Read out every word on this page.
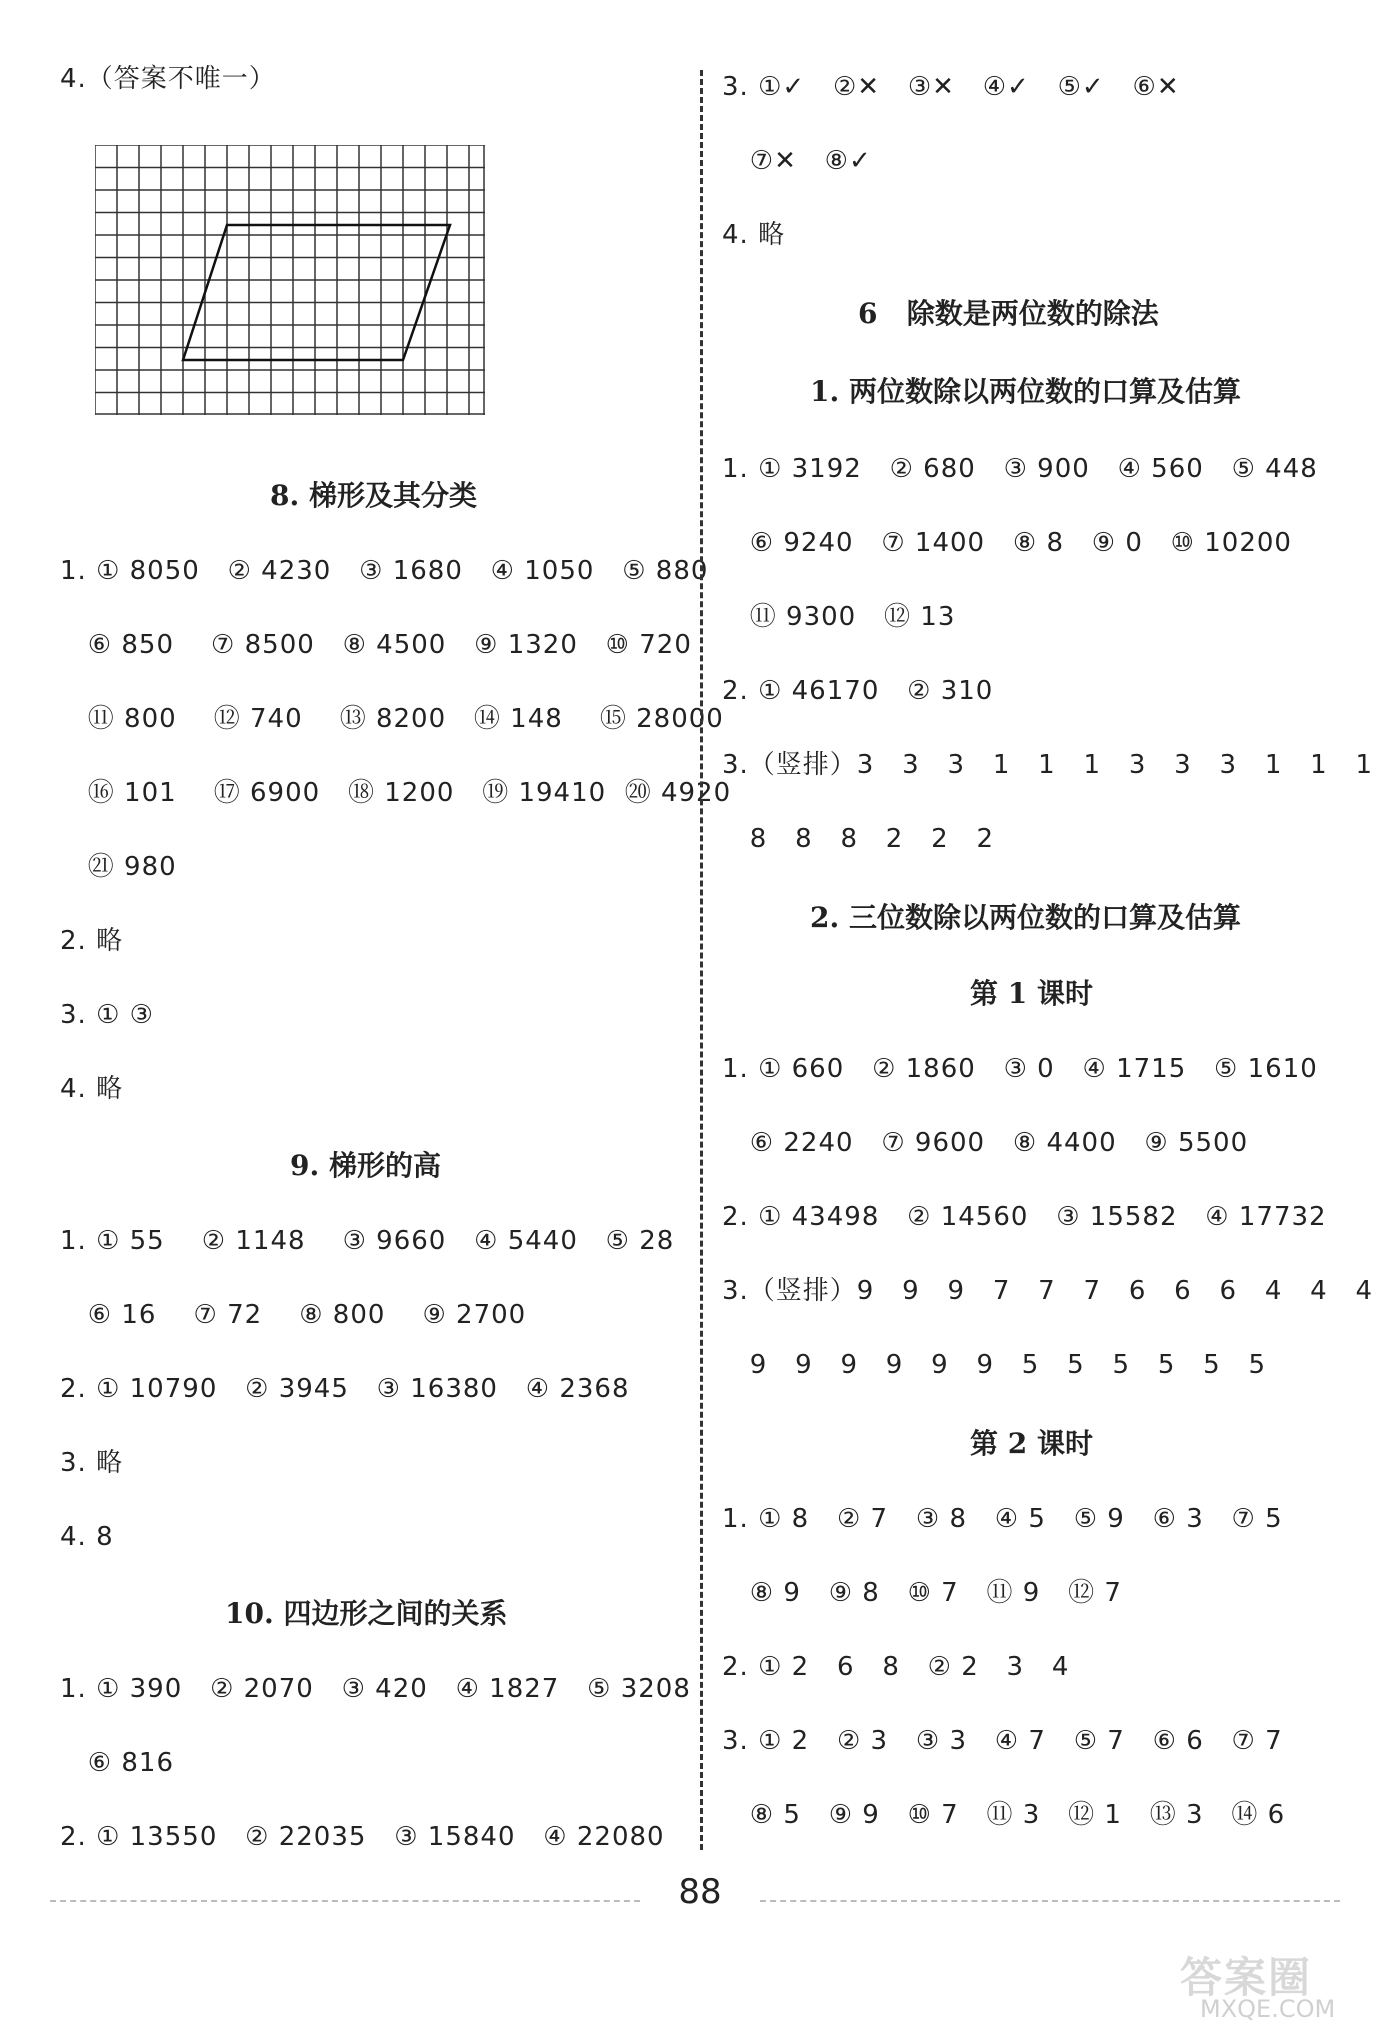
4.（答案不唯一）
8. 梯形及其分类
1. ① 8050   ② 4230   ③ 1680   ④ 1050   ⑤ 880
⑥ 850    ⑦ 8500   ⑧ 4500   ⑨ 1320   ⑩ 720
⑪ 800    ⑫ 740    ⑬ 8200   ⑭ 148    ⑮ 28000
⑯ 101    ⑰ 6900   ⑱ 1200   ⑲ 19410  ⑳ 4920
㉑ 980
2. 略
3. ① ③
4. 略
9. 梯形的高
1. ① 55    ② 1148    ③ 9660   ④ 5440   ⑤ 28
⑥ 16    ⑦ 72    ⑧ 800    ⑨ 2700
2. ① 10790   ② 3945   ③ 16380   ④ 2368
3. 略
4. 8
10. 四边形之间的关系
1. ① 390   ② 2070   ③ 420   ④ 1827   ⑤ 3208
⑥ 816
2. ① 13550   ② 22035   ③ 15840   ④ 22080
3. ①✓   ②✕   ③✕   ④✓   ⑤✓   ⑥✕
⑦✕   ⑧✓
4. 略
6   除数是两位数的除法
1. 两位数除以两位数的口算及估算
1. ① 3192   ② 680   ③ 900   ④ 560   ⑤ 448
⑥ 9240   ⑦ 1400   ⑧ 8   ⑨ 0   ⑩ 10200
⑪ 9300   ⑫ 13
2. ① 46170   ② 310
3.（竖排）3   3   3   1   1   1   3   3   3   1   1   1
8   8   8   2   2   2
2. 三位数除以两位数的口算及估算
第 1 课时
1. ① 660   ② 1860   ③ 0   ④ 1715   ⑤ 1610
⑥ 2240   ⑦ 9600   ⑧ 4400   ⑨ 5500
2. ① 43498   ② 14560   ③ 15582   ④ 17732
3.（竖排）9   9   9   7   7   7   6   6   6   4   4   4
9   9   9   9   9   9   5   5   5   5   5   5
第 2 课时
1. ① 8   ② 7   ③ 8   ④ 5   ⑤ 9   ⑥ 3   ⑦ 5
⑧ 9   ⑨ 8   ⑩ 7   ⑪ 9   ⑫ 7
2. ① 2   6   8   ② 2   3   4
3. ① 2   ② 3   ③ 3   ④ 7   ⑤ 7   ⑥ 6   ⑦ 7
⑧ 5   ⑨ 9   ⑩ 7   ⑪ 3   ⑫ 1   ⑬ 3   ⑭ 6
88
答案圈
MXQE.COM
